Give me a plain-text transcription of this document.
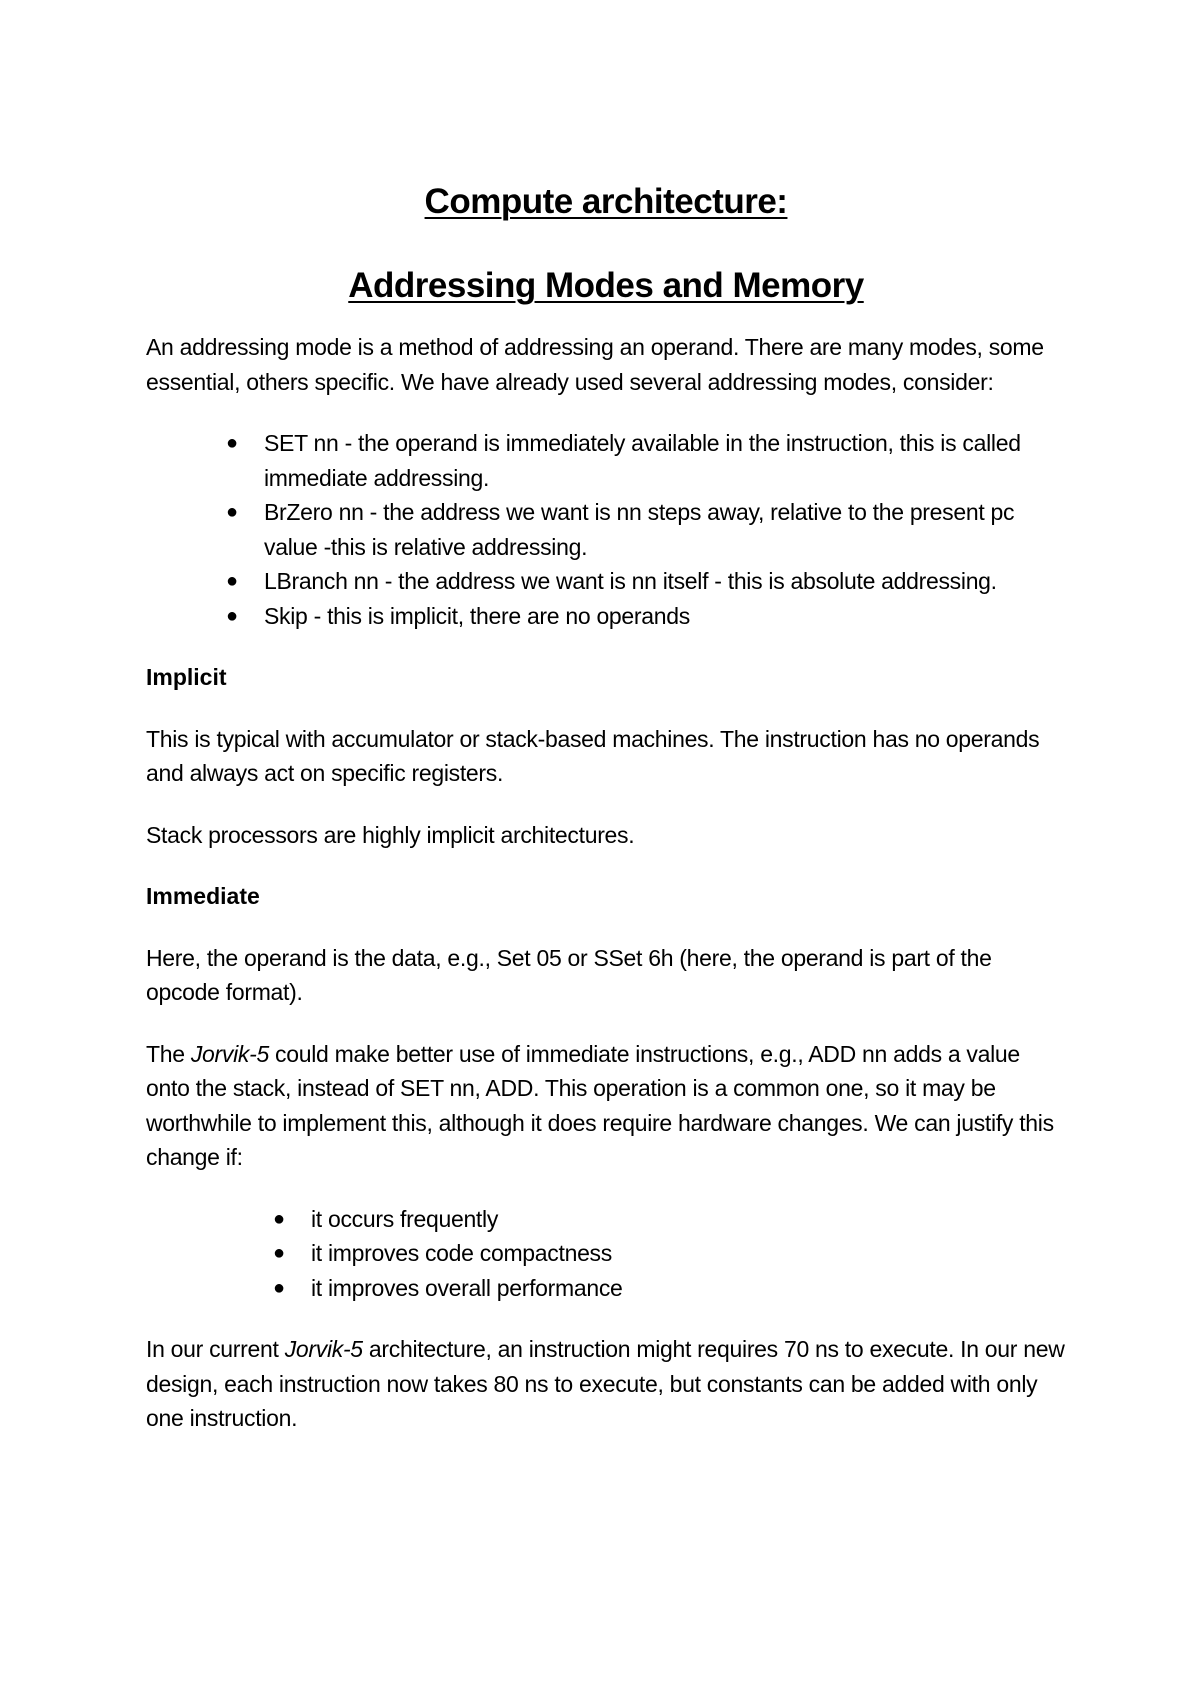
Compute architecture:
Addressing Modes and Memory

An addressing mode is a method of addressing an operand. There are many modes, some essential, others specific. We have already used several addressing modes, consider:

● SET nn - the operand is immediately available in the instruction, this is called immediate addressing.
● BrZero nn - the address we want is nn steps away, relative to the present pc value -this is relative addressing.
● LBranch nn - the address we want is nn itself - this is absolute addressing.
● Skip - this is implicit, there are no operands
Implicit

This is typical with accumulator or stack-based machines. The instruction has no operands and always act on specific registers.

Stack processors are highly implicit architectures.

Immediate

Here, the operand is the data, e.g., Set 05 or SSet 6h (here, the operand is part of the opcode format).

The Jorvik-5 could make better use of immediate instructions, e.g., ADD nn adds a value onto the stack, instead of SET nn, ADD. This operation is a common one, so it may be worthwhile to implement this, although it does require hardware changes. We can justify this change if:

● it occurs frequently
● it improves code compactness
● it improves overall performance

In our current Jorvik-5 architecture, an instruction might requires 70 ns to execute. In our new design, each instruction now takes 80 ns to execute, but constants can be added with only one instruction.
